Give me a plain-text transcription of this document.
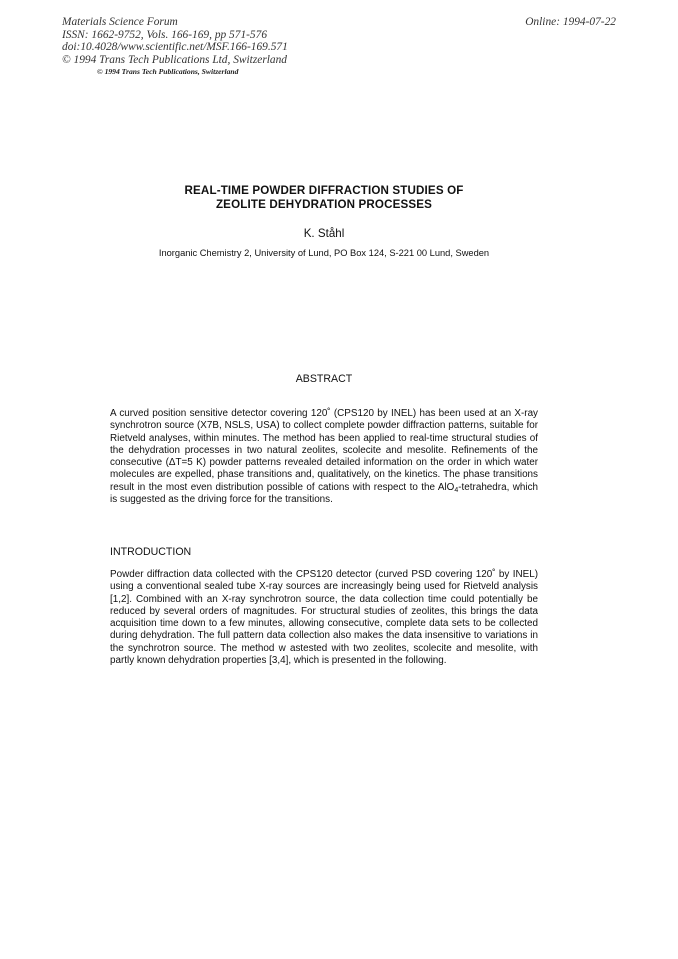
Materials Science Forum
ISSN: 1662-9752, Vols. 166-169, pp 571-576
doi:10.4028/www.scientific.net/MSF.166-169.571
© 1994 Trans Tech Publications Ltd, Switzerland
Online: 1994-07-22
© 1994 Trans Tech Publications, Switzerland
REAL-TIME POWDER DIFFRACTION STUDIES OF
ZEOLITE DEHYDRATION PROCESSES
K. Ståhl
Inorganic Chemistry 2, University of Lund, PO Box 124, S-221 00 Lund, Sweden
ABSTRACT
A curved position sensitive detector covering 120˚ (CPS120 by INEL) has been used at an X-ray synchrotron source (X7B, NSLS, USA) to collect complete powder diffraction patterns, suitable for Rietveld analyses, within minutes. The method has been applied to real-time structural studies of the dehydration processes in two natural zeolites, scolecite and mesolite. Refinements of the consecutive (ΔT=5 K) powder patterns revealed detailed information on the order in which water molecules are expelled, phase transitions and, qualitatively, on the kinetics. The phase transitions result in the most even distribution possible of cations with respect to the AlO$_4$-tetrahedra, which is suggested as the driving force for the transitions.
INTRODUCTION
Powder diffraction data collected with the CPS120 detector (curved PSD covering 120˚ by INEL) using a conventional sealed tube X-ray sources are increasingly being used for Rietveld analysis [1,2]. Combined with an X-ray synchrotron source, the data collection time could potentially be reduced by several orders of magnitudes. For structural studies of zeolites, this brings the data acquisition time down to a few minutes, allowing consecutive, complete data sets to be collected during dehydration. The full pattern data collection also makes the data insensitive to variations in the synchrotron source. The method w astested with two zeolites, scolecite and mesolite, with partly known dehydration properties [3,4], which is presented in the following.
